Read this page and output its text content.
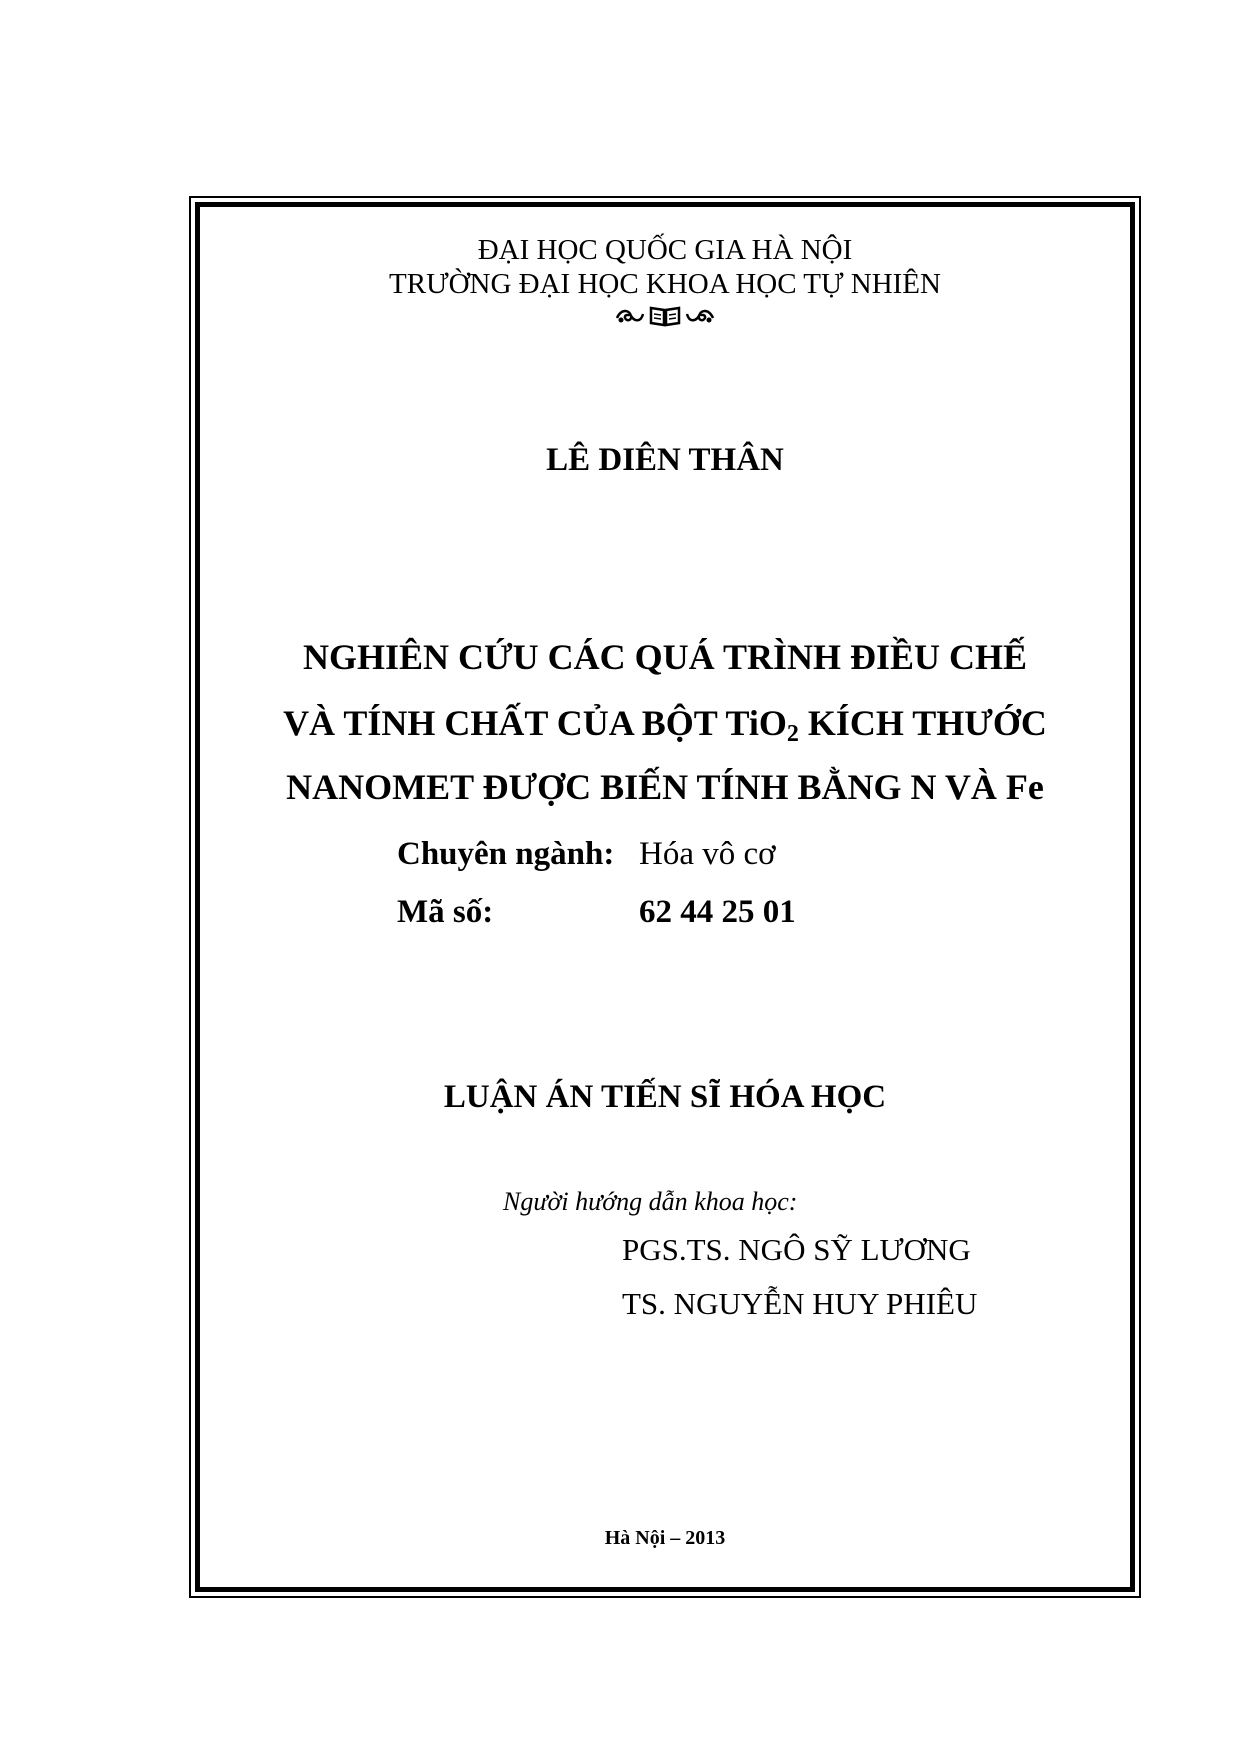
ĐẠI HỌC QUỐC GIA HÀ NỘI
TRƯỜNG ĐẠI HỌC KHOA HỌC TỰ NHIÊN
LÊ DIÊN THÂN
NGHIÊN CỨU CÁC QUÁ TRÌNH ĐIỀU CHẾ
VÀ TÍNH CHẤT CỦA BỘT TiO$_2$ KÍCH THƯỚC
NANOMET ĐƯỢC BIẾN TÍNH BẰNG N VÀ Fe
Chuyên ngành: Hóa vô cơ
Mã số:	62 44 25 01
LUẬN ÁN TIẾN SĨ HÓA HỌC
Người hướng dẫn khoa học:
PGS.TS. NGÔ SỸ LƯƠNG
TS. NGUYỄN HUY PHIÊU
Hà Nội – 2013
